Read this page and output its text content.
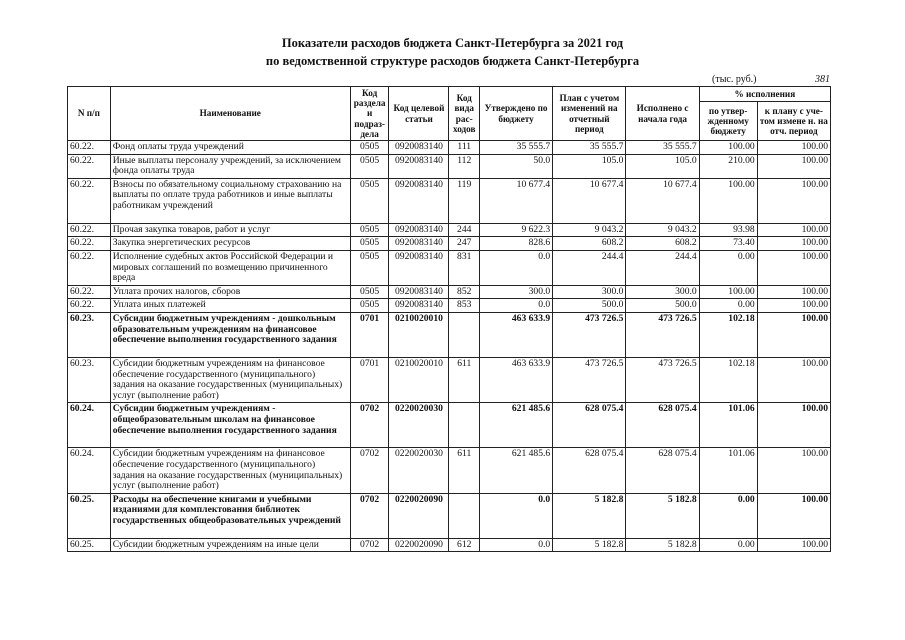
Показатели расходов бюджета Санкт-Петербурга за 2021 год
по ведомственной структуре расходов бюджета Санкт-Петербурга
(тыс. руб.)	381
N п/п	Наименование	Код раздела и подраз-дела	Код целевой статьи	Код вида рас-ходов	Утверждено по бюджету	План с учетом изменений на отчетный период	Исполнено с начала года	% исполнения	
								по утвер-жденному бюджету	к плану с уче-том измене н. на отч. период
60.22.	Фонд оплаты труда учреждений	0505	0920083140	111	35 555.7	35 555.7	35 555.7	100.00	100.00
60.22.	Иные выплаты персоналу учреждений, за исключением фонда оплаты труда	0505	0920083140	112	50.0	105.0	105.0	210.00	100.00
60.22.	Взносы по обязательному социальному страхованию на выплаты по оплате труда работников и иные выплаты работникам учреждений	0505	0920083140	119	10 677.4	10 677.4	10 677.4	100.00	100.00
60.22.	Прочая закупка товаров, работ и услуг	0505	0920083140	244	9 622.3	9 043.2	9 043.2	93.98	100.00
60.22.	Закупка энергетических ресурсов	0505	0920083140	247	828.6	608.2	608.2	73.40	100.00
60.22.	Исполнение судебных актов Российской Федерации и мировых соглашений по возмещению причиненного вреда	0505	0920083140	831	0.0	244.4	244.4	0.00	100.00
60.22.	Уплата прочих налогов, сборов	0505	0920083140	852	300.0	300.0	300.0	100.00	100.00
60.22.	Уплата иных платежей	0505	0920083140	853	0.0	500.0	500.0	0.00	100.00
60.23.	Субсидии бюджетным учреждениям - дошкольным образовательным учреждениям на финансовое обеспечение выполнения государственного задания	0701	0210020010		463 633.9	473 726.5	473 726.5	102.18	100.00
60.23.	Субсидии бюджетным учреждениям на финансовое обеспечение государственного (муниципального) задания на оказание государственных (муниципальных) услуг (выполнение работ)	0701	0210020010	611	463 633.9	473 726.5	473 726.5	102.18	100.00
60.24.	Субсидии бюджетным учреждениям - общеобразовательным школам на финансовое обеспечение выполнения государственного задания	0702	0220020030		621 485.6	628 075.4	628 075.4	101.06	100.00
60.24.	Субсидии бюджетным учреждениям на финансовое обеспечение государственного (муниципального) задания на оказание государственных (муниципальных) услуг (выполнение работ)	0702	0220020030	611	621 485.6	628 075.4	628 075.4	101.06	100.00
60.25.	Расходы на обеспечение книгами и учебными изданиями для комплектования библиотек государственных общеобразовательных учреждений	0702	0220020090		0.0	5 182.8	5 182.8	0.00	100.00
60.25.	Субсидии бюджетным учреждениям на иные цели	0702	0220020090	612	0.0	5 182.8	5 182.8	0.00	100.00
